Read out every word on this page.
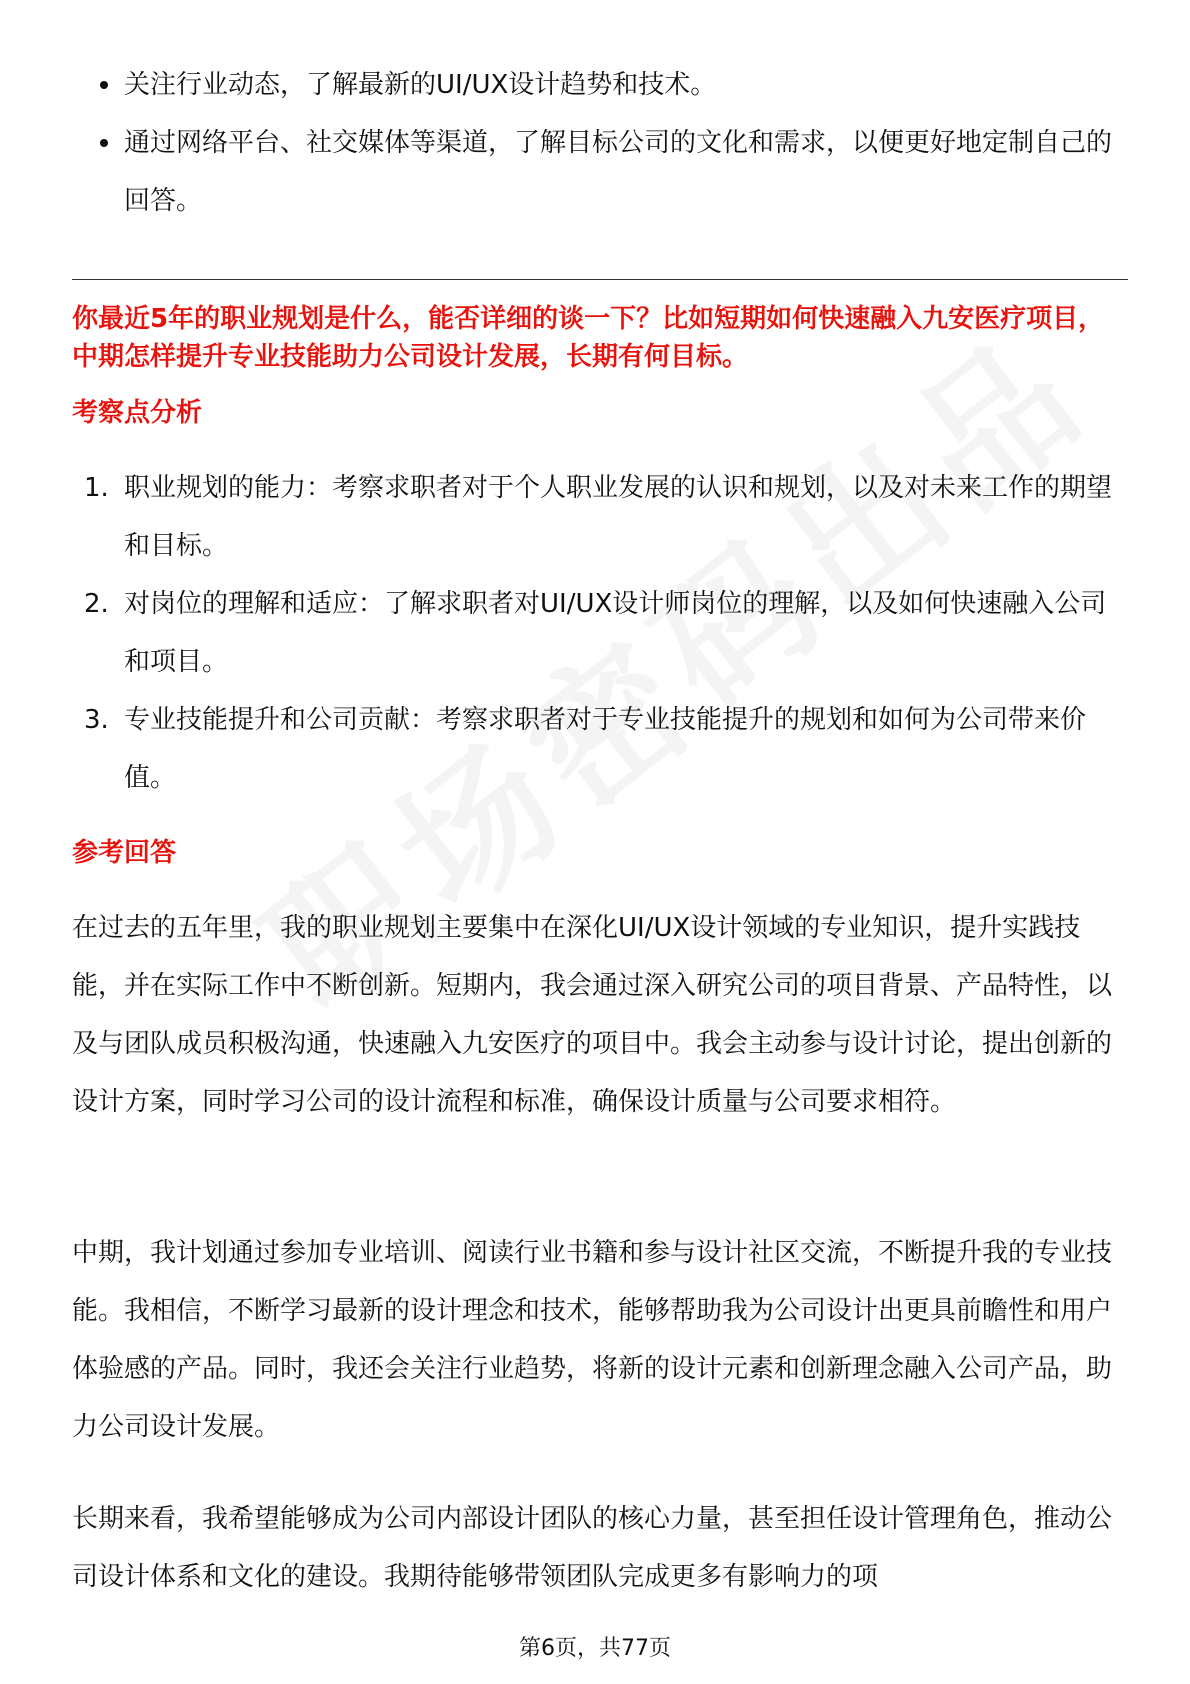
关注行业动态，了解最新的UI/UX设计趋势和技术。
通过网络平台、社交媒体等渠道，了解目标公司的文化和需求，以便更好地定制自己的回答。
你最近5年的职业规划是什么，能否详细的谈一下？比如短期如何快速融入九安医疗项目，中期怎样提升专业技能助力公司设计发展，长期有何目标。
考察点分析
1. 职业规划的能力：考察求职者对于个人职业发展的认识和规划，以及对未来工作的期望和目标。
2. 对岗位的理解和适应：了解求职者对UI/UX设计师岗位的理解，以及如何快速融入公司和项目。
3. 专业技能提升和公司贡献：考察求职者对于专业技能提升的规划和如何为公司带来价值。
参考回答
在过去的五年里，我的职业规划主要集中在深化UI/UX设计领域的专业知识，提升实践技能，并在实际工作中不断创新。短期内，我会通过深入研究公司的项目背景、产品特性，以及与团队成员积极沟通，快速融入九安医疗的项目中。我会主动参与设计讨论，提出创新的设计方案，同时学习公司的设计流程和标准，确保设计质量与公司要求相符。
中期，我计划通过参加专业培训、阅读行业书籍和参与设计社区交流，不断提升我的专业技能。我相信，不断学习最新的设计理念和技术，能够帮助我为公司设计出更具前瞻性和用户体验感的产品。同时，我还会关注行业趋势，将新的设计元素和创新理念融入公司产品，助力公司设计发展。
长期来看，我希望能够成为公司内部设计团队的核心力量，甚至担任设计管理角色，推动公司设计体系和文化的建设。我期待能够带领团队完成更多有影响力的项
第6页，共77页
